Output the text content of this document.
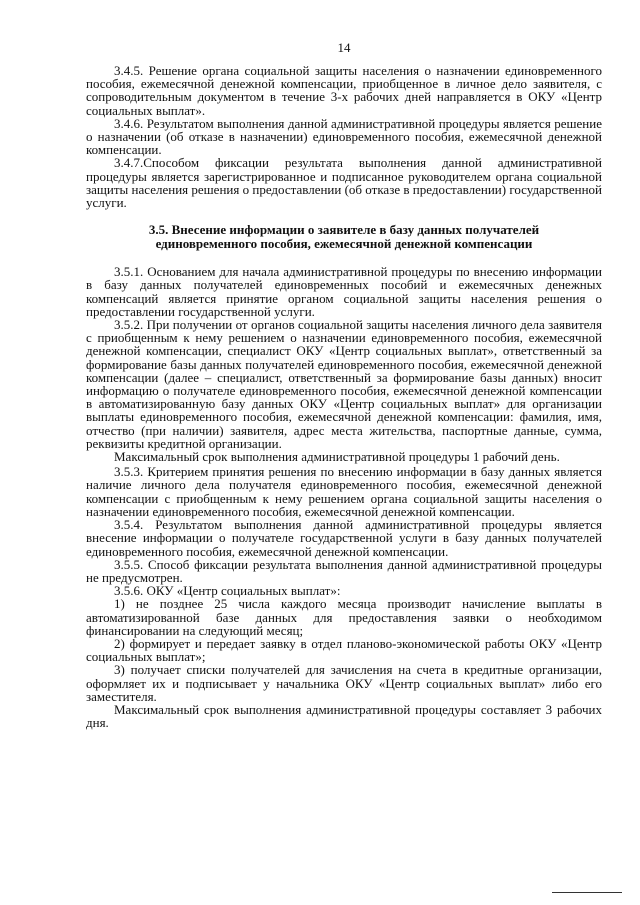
14

3.4.5. Решение органа социальной защиты населения о назначении единовременного пособия, ежемесячной денежной компенсации, приобщенное в личное дело заявителя, с сопроводительным документом в течение 3-х рабочих дней направляется в ОКУ «Центр социальных выплат».

3.4.6. Результатом выполнения данной административной процедуры является решение о назначении (об отказе в назначении) единовременного пособия, ежемесячной денежной компенсации.

3.4.7.Способом фиксации результата выполнения данной административной процедуры является зарегистрированное и подписанное руководителем органа социальной защиты населения решения о предоставлении (об отказе в предоставлении) государственной услуги.

3.5. Внесение информации о заявителе в базу данных получателей единовременного пособия, ежемесячной денежной компенсации

3.5.1. Основанием для начала административной процедуры по внесению информации в базу данных получателей единовременных пособий и ежемесячных денежных компенсаций является принятие органом социальной защиты населения решения о предоставлении государственной услуги.

3.5.2. При получении от органов социальной защиты населения личного дела заявителя с приобщенным к нему решением о назначении единовременного пособия, ежемесячной денежной компенсации, специалист ОКУ «Центр социальных выплат», ответственный за формирование базы данных получателей единовременного пособия, ежемесячной денежной компенсации (далее – специалист, ответственный за формирование базы данных) вносит информацию о получателе единовременного пособия, ежемесячной денежной компенсации в автоматизированную базу данных ОКУ «Центр социальных выплат» для организации выплаты единовременного пособия, ежемесячной денежной компенсации: фамилия, имя, отчество (при наличии) заявителя, адрес места жительства, паспортные данные, сумма, реквизиты кредитной организации.

Максимальный срок выполнения административной процедуры 1 рабочий день.

3.5.3. Критерием принятия решения по внесению информации в базу данных является наличие личного дела получателя единовременного пособия, ежемесячной денежной компенсации с приобщенным к нему решением органа социальной защиты населения о назначении единовременного пособия, ежемесячной денежной компенсации.

3.5.4. Результатом выполнения данной административной процедуры является внесение информации о получателе государственной услуги в базу данных получателей единовременного пособия, ежемесячной денежной компенсации.

3.5.5. Способ фиксации результата выполнения данной административной процедуры не предусмотрен.

3.5.6. ОКУ «Центр социальных выплат»:

1) не позднее 25 числа каждого месяца производит начисление выплаты в автоматизированной базе данных для предоставления заявки о необходимом финансировании на следующий месяц;

2) формирует и передает заявку в отдел планово-экономической работы ОКУ «Центр социальных выплат»;

3) получает списки получателей для зачисления на счета в кредитные организации, оформляет их и подписывает у начальника ОКУ «Центр социальных выплат» либо его заместителя.

Максимальный срок выполнения административной процедуры составляет 3 рабочих дня.
